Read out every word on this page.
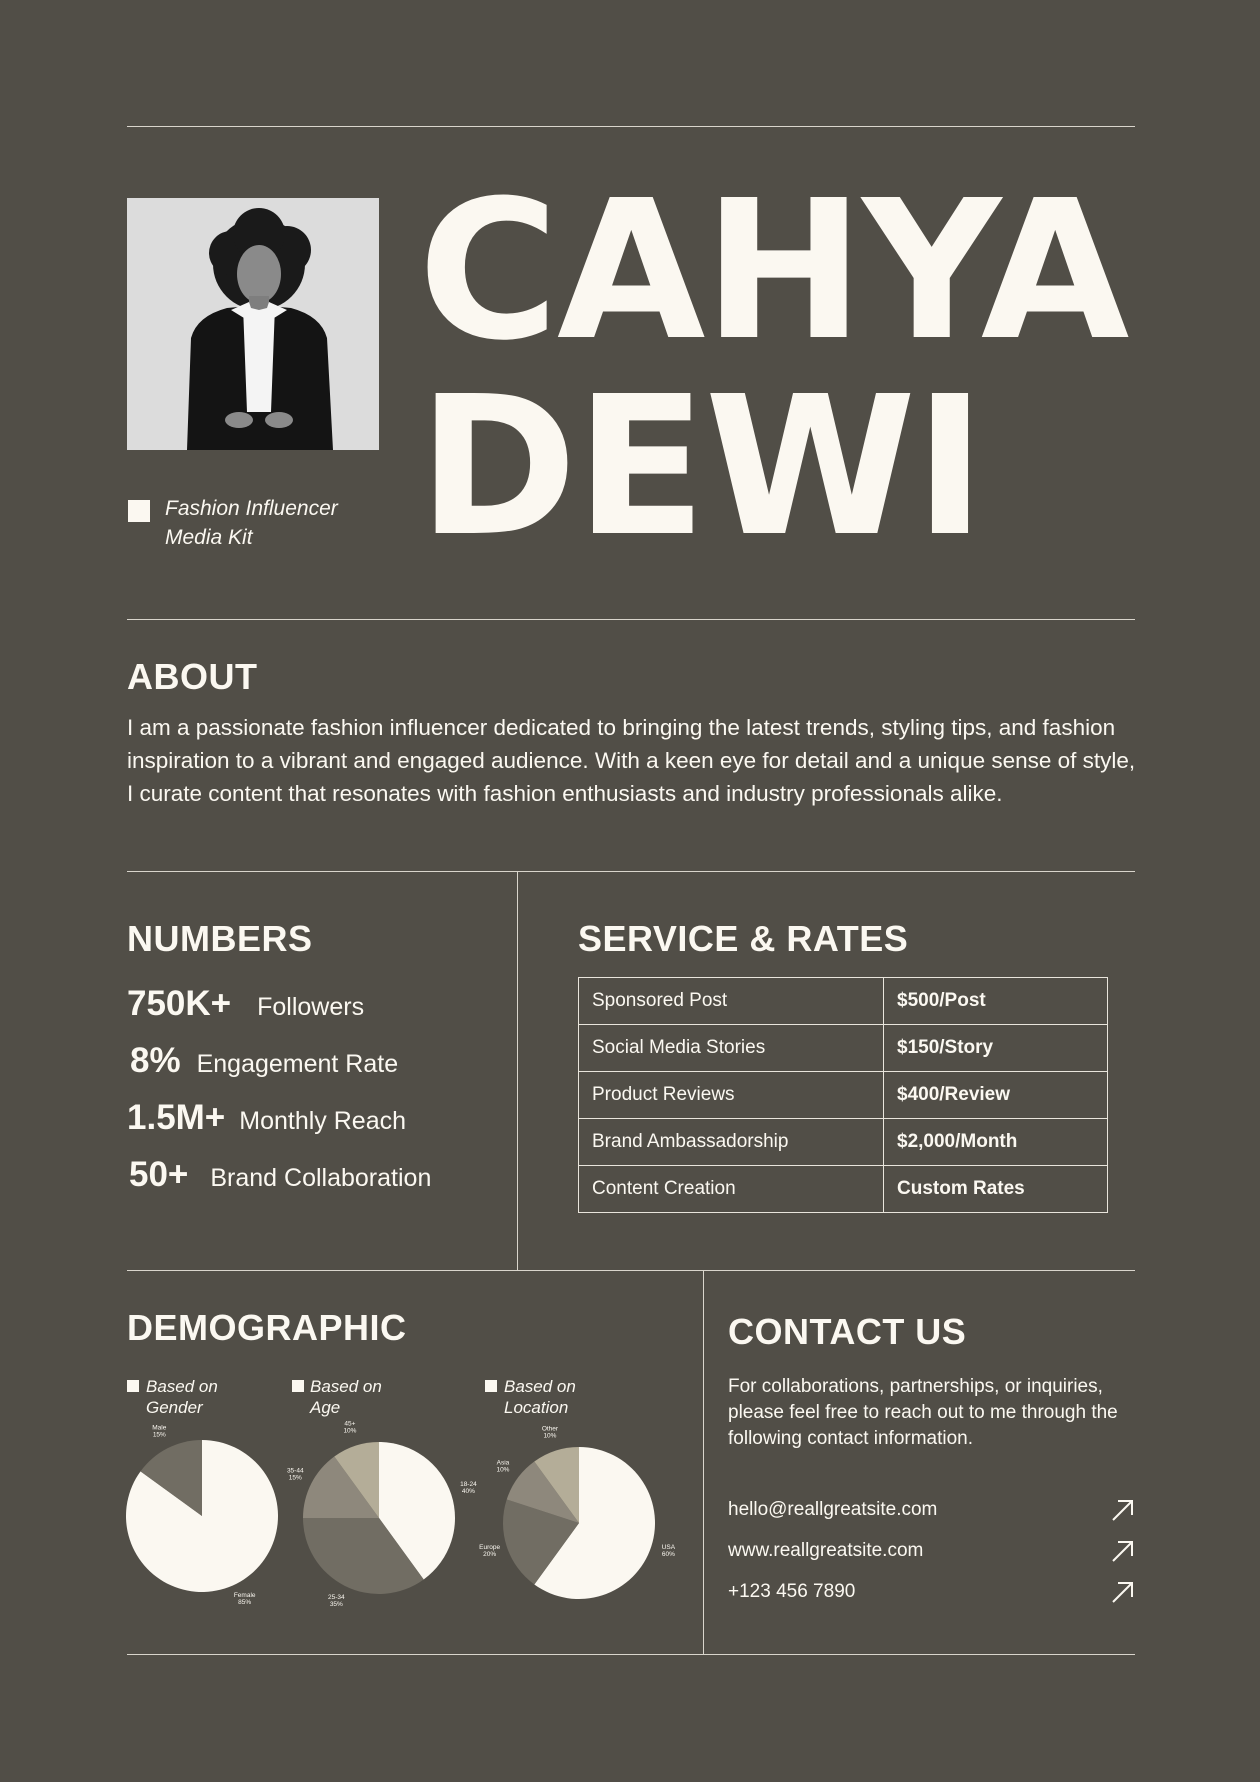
Fashion Influencer
Media Kit
CAHYA
DEWI
ABOUT
I am a passionate fashion influencer dedicated to bringing the latest trends, styling tips, and fashion inspiration to a vibrant and engaged audience. With a keen eye for detail and a unique sense of style, I curate content that resonates with fashion enthusiasts and industry professionals alike.
NUMBERS
750K+ Followers
8% Engagement Rate
1.5M+ Monthly Reach
50+ Brand Collaboration
SERVICE & RATES
Sponsored Post	$500/Post
Social Media Stories	$150/Story
Product Reviews	$400/Review
Brand Ambassadorship	$2,000/Month
Content Creation	Custom Rates
DEMOGRAPHIC
Based on
Gender
Based on
Age
Based on
Location
Female 85%
Male 15%
18-24 40%
25-34 35%
35-44 15%
45+ 10%
USA 60%
Europe 20%
Asia 10%
Other 10%
CONTACT US
For collaborations, partnerships, or inquiries, please feel free to reach out to me through the following contact information.
hello@reallgreatsite.com
www.reallgreatsite.com
+123 456 7890
